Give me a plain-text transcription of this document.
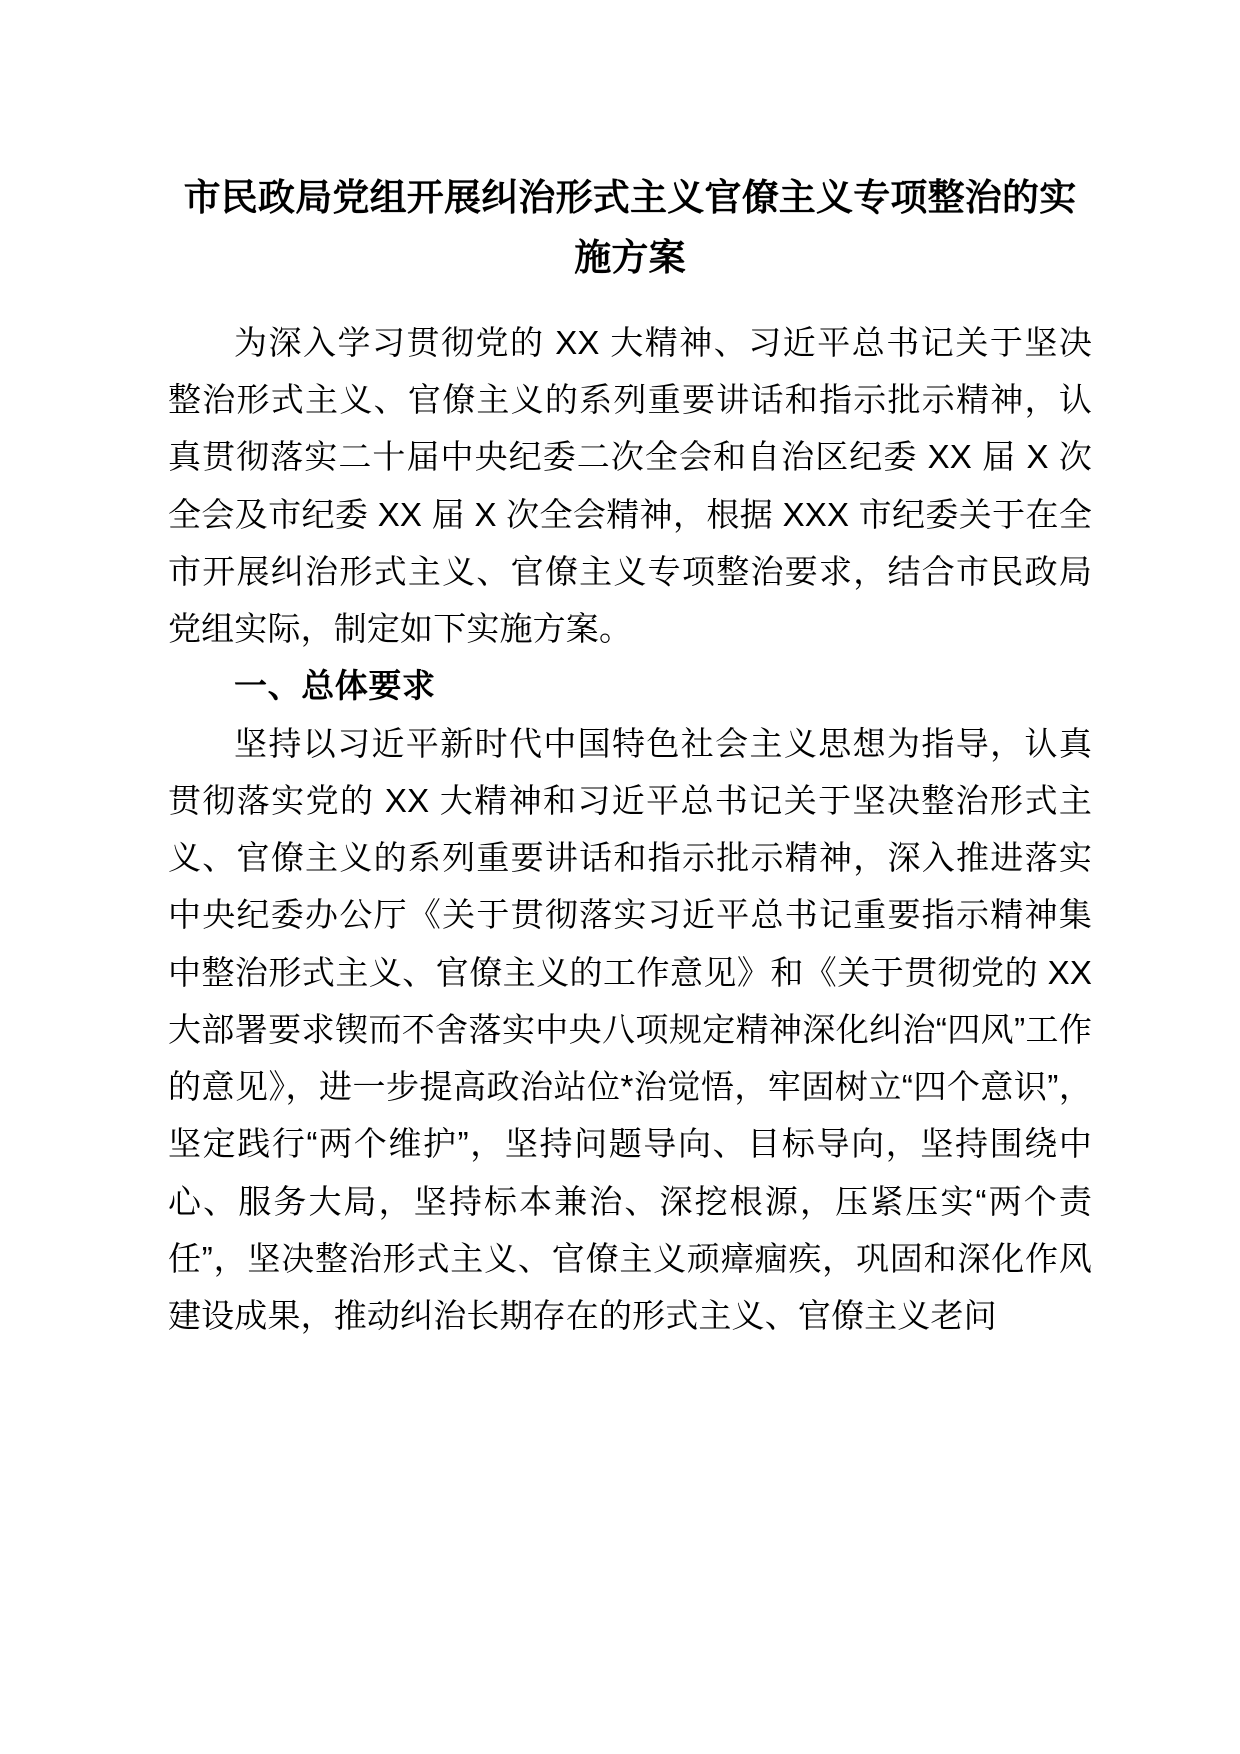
市民政局党组开展纠治形式主义官僚主义专项整治的实施方案

为深入学习贯彻党的 XX 大精神、习近平总书记关于坚决整治形式主义、官僚主义的系列重要讲话和指示批示精神，认真贯彻落实二十届中央纪委二次全会和自治区纪委 XX 届 X 次全会及市纪委 XX 届 X 次全会精神，根据 XXX 市纪委关于在全市开展纠治形式主义、官僚主义专项整治要求，结合市民政局党组实际，制定如下实施方案。

一、总体要求

坚持以习近平新时代中国特色社会主义思想为指导，认真贯彻落实党的 XX 大精神和习近平总书记关于坚决整治形式主义、官僚主义的系列重要讲话和指示批示精神，深入推进落实中央纪委办公厅《关于贯彻落实习近平总书记重要指示精神集中整治形式主义、官僚主义的工作意见》和《关于贯彻党的 XX 大部署要求锲而不舍落实中央八项规定精神深化纠治“四风”工作的意见》，进一步提高政治站位*治觉悟，牢固树立“四个意识”，坚定践行“两个维护”，坚持问题导向、目标导向，坚持围绕中心、服务大局，坚持标本兼治、深挖根源，压紧压实“两个责任”，坚决整治形式主义、官僚主义顽瘴痼疾，巩固和深化作风建设成果，推动纠治长期存在的形式主义、官僚主义老问
